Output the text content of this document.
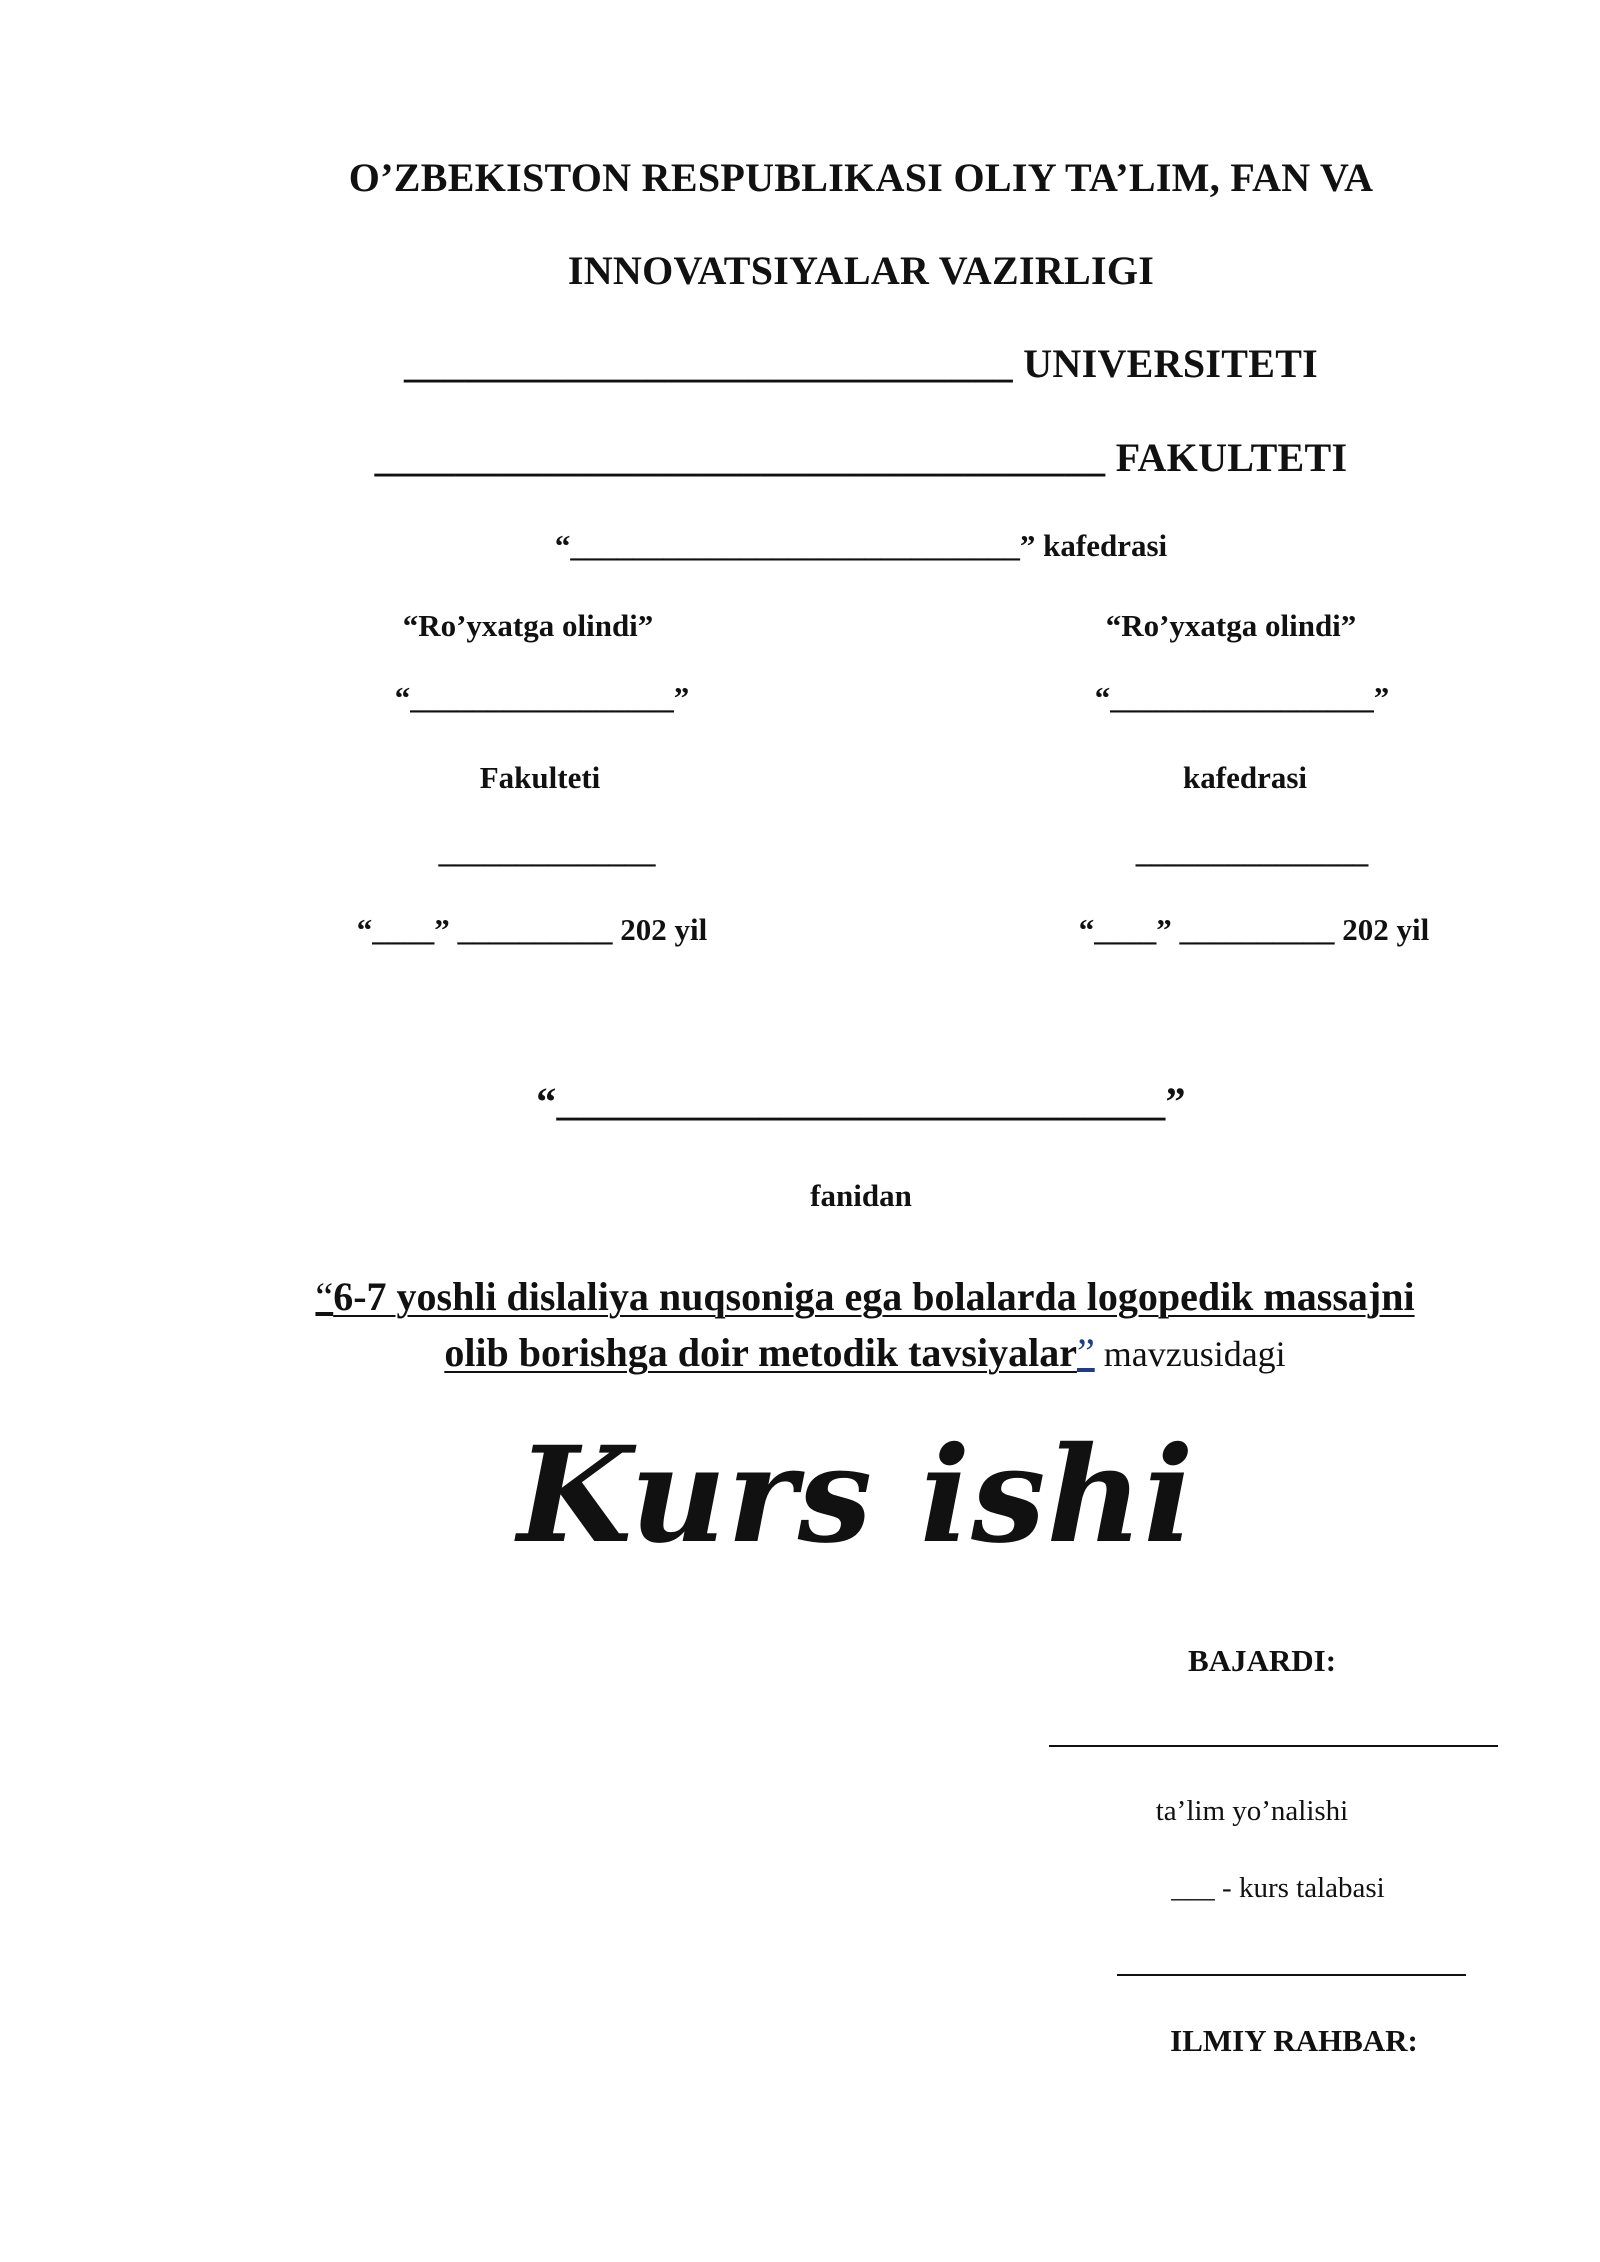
O’ZBEKISTON RESPUBLIKASI OLIY TA’LIM, FAN VA
INNOVATSIYALAR VAZIRLIGI
______________________________ UNIVERSITETI
____________________________________ FAKULTETI
“_____________________________” kafedrasi
“Ro’yxatga olindi”
“_________________”
Fakulteti
______________
“____” __________ 202 yil
“Ro’yxatga olindi”
“_________________”
kafedrasi
_______________
“____” __________ 202 yil
“______________________________”
fanidan

“6-7 yoshli dislaliya nuqsoniga ega bolalarda logopedik massajni

olib borishga doir metodik tavsiyalar” mavzusidagi

Kurs ishi
BAJARDI:
ta’lim yo’nalishi
___ - kurs talabasi
ILMIY RAHBAR:
